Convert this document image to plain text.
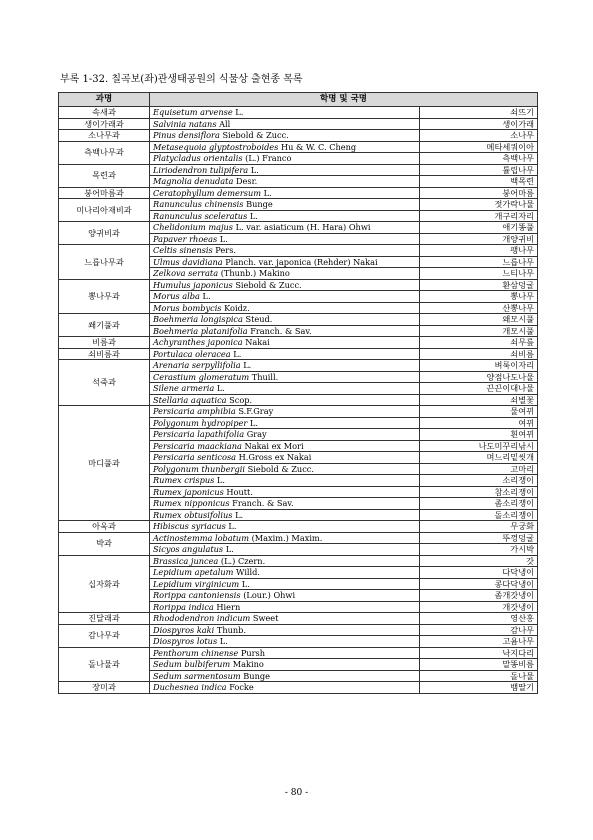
부록 1-32. 칠곡보(좌)관생태공원의 식물상 출현종 목록
과명	학명 및 국명	
속새과	Equisetum arvense L.	쇠뜨기
생이가래과	Salvinia natans All	생이가래
소나무과	Pinus densiflora Siebold & Zucc.	소나무
측백나무과	Metasequoia glyptostroboides Hu & W. C. Cheng	메타세쿼이아
	Platycladus orientalis (L.) Franco	측백나무
목련과	Liriodendron tulipifera L.	튤립나무
	Magnolia denudata Desr.	백목련
붕어마름과	Ceratophyllum demersum L.	붕어마름
미나리아재비과	Ranunculus chinensis Bunge	젓가락나물
	Ranunculus sceleratus L.	개구리자리
양귀비과	Chelidonium majus L. var. asiaticum (H. Hara) Ohwi	애기똥풀
	Papaver rhoeas L.	개양귀비
느릅나무과	Celtis sinensis Pers.	팽나무
	Ulmus davidiana Planch. var. japonica (Rehder) Nakai	느릅나무
	Zelkova serrata (Thunb.) Makino	느티나무
뽕나무과	Humulus japonicus Siebold & Zucc.	환삼덩굴
	Morus alba L.	뽕나무
	Morus bombycis Koidz.	산뽕나무
쐐기풀과	Boehmeria longispica Steud.	왜모시풀
	Boehmeria platanifolia Franch. & Sav.	개모시풀
비름과	Achyranthes japonica Nakai	쇠무릎
쇠비름과	Portulaca oleracea L.	쇠비름
석죽과	Arenaria serpyllifolia L.	벼룩이자리
	Cerastium glomeratum Thuill.	양점나도나물
	Silene armeria L.	끈끈이대나물
	Stellaria aquatica Scop.	쇠별꽃
마디풀과	Persicaria amphibia S.F.Gray	물여뀌
	Polygonum hydropiper L.	여뀌
	Persicaria lapathifolia Gray	흰여뀌
	Persicaria maackiana Nakai ex Mori	나도미꾸리낚시
	Persicaria senticosa H.Gross ex Nakai	며느리밑씻개
	Polygonum thunbergii Siebold & Zucc.	고마리
	Rumex crispus L.	소리쟁이
	Rumex japonicus Houtt.	참소리쟁이
	Rumex nipponicus Franch. & Sav.	좀소리쟁이
	Rumex obtusifolius L.	돌소리쟁이
아욱과	Hibiscus syriacus L.	무궁화
박과	Actinostemma lobatum (Maxim.) Maxim.	뚜껑덩굴
	Sicyos angulatus L.	가시박
십자화과	Brassica juncea (L.) Czern.	갓
	Lepidium apetalum Willd.	다닥냉이
	Lepidium virginicum L.	콩다닥냉이
	Rorippa cantoniensis (Lour.) Ohwi	좀개갓냉이
	Rorippa indica Hiern	개갓냉이
진달래과	Rhododendron indicum Sweet	영산홍
감나무과	Diospyros kaki Thunb.	감나무
	Diospyros lotus L.	고욤나무
돌나물과	Penthorum chinense Pursh	낙지다리
	Sedum bulbiferum Makino	말똥비름
	Sedum sarmentosum Bunge	돌나물
장미과	Duchesnea indica Focke	뱀딸기
- 80 -
